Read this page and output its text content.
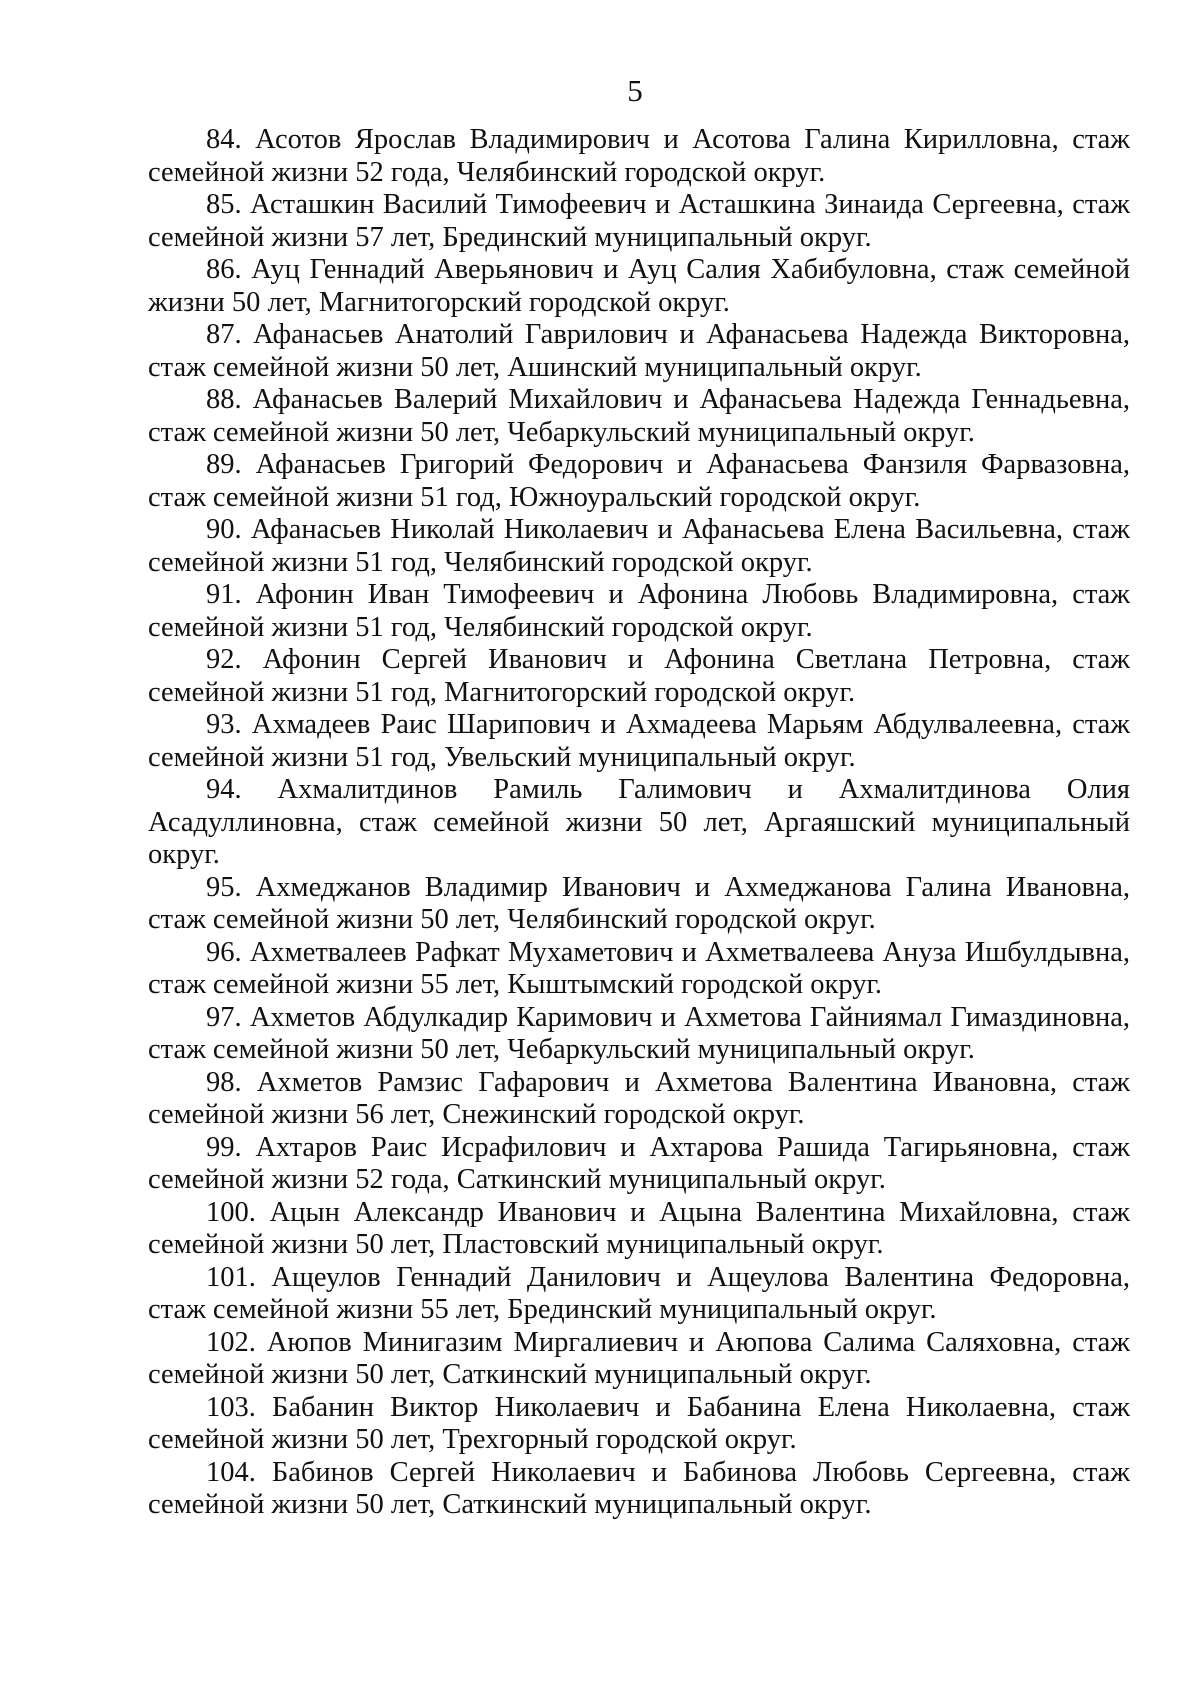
5

84. Асотов Ярослав Владимирович и Асотова Галина Кирилловна, стаж семейной жизни 52 года, Челябинский городской округ.

85. Асташкин Василий Тимофеевич и Асташкина Зинаида Сергеевна, стаж семейной жизни 57 лет, Брединский муниципальный округ.

86. Ауц Геннадий Аверьянович и Ауц Салия Хабибуловна, стаж семейной жизни 50 лет, Магнитогорский городской округ.

87. Афанасьев Анатолий Гаврилович и Афанасьева Надежда Викторовна, стаж семейной жизни 50 лет, Ашинский муниципальный округ.

88. Афанасьев Валерий Михайлович и Афанасьева Надежда Геннадьевна, стаж семейной жизни 50 лет, Чебаркульский муниципальный округ.

89. Афанасьев Григорий Федорович и Афанасьева Фанзиля Фарвазовна, стаж семейной жизни 51 год, Южноуральский городской округ.

90. Афанасьев Николай Николаевич и Афанасьева Елена Васильевна, стаж семейной жизни 51 год, Челябинский городской округ.

91. Афонин Иван Тимофеевич и Афонина Любовь Владимировна, стаж семейной жизни 51 год, Челябинский городской округ.

92. Афонин Сергей Иванович и Афонина Светлана Петровна, стаж семейной жизни 51 год, Магнитогорский городской округ.

93. Ахмадеев Раис Шарипович и Ахмадеева Марьям Абдулвалеевна, стаж семейной жизни 51 год, Увельский муниципальный округ.

94. Ахмалитдинов Рамиль Галимович и Ахмалитдинова Олия Асадуллиновна, стаж семейной жизни 50 лет, Аргаяшский муниципальный округ.

95. Ахмеджанов Владимир Иванович и Ахмеджанова Галина Ивановна, стаж семейной жизни 50 лет, Челябинский городской округ.

96. Ахметвалеев Рафкат Мухаметович и Ахметвалеева Ануза Ишбулдывна, стаж семейной жизни 55 лет, Кыштымский городской округ.

97. Ахметов Абдулкадир Каримович и Ахметова Гайниямал Гимаздиновна, стаж семейной жизни 50 лет, Чебаркульский муниципальный округ.

98. Ахметов Рамзис Гафарович и Ахметова Валентина Ивановна, стаж семейной жизни 56 лет, Снежинский городской округ.

99. Ахтаров Раис Исрафилович и Ахтарова Рашида Тагирьяновна, стаж семейной жизни 52 года, Саткинский муниципальный округ.

100. Ацын Александр Иванович и Ацына Валентина Михайловна, стаж семейной жизни 50 лет, Пластовский муниципальный округ.

101. Ащеулов Геннадий Данилович и Ащеулова Валентина Федоровна, стаж семейной жизни 55 лет, Брединский муниципальный округ.

102. Аюпов Минигазим Миргалиевич и Аюпова Салима Саляховна, стаж семейной жизни 50 лет, Саткинский муниципальный округ.

103. Бабанин Виктор Николаевич и Бабанина Елена Николаевна, стаж семейной жизни 50 лет, Трехгорный городской округ.

104. Бабинов Сергей Николаевич и Бабинова Любовь Сергеевна, стаж семейной жизни 50 лет, Саткинский муниципальный округ.
